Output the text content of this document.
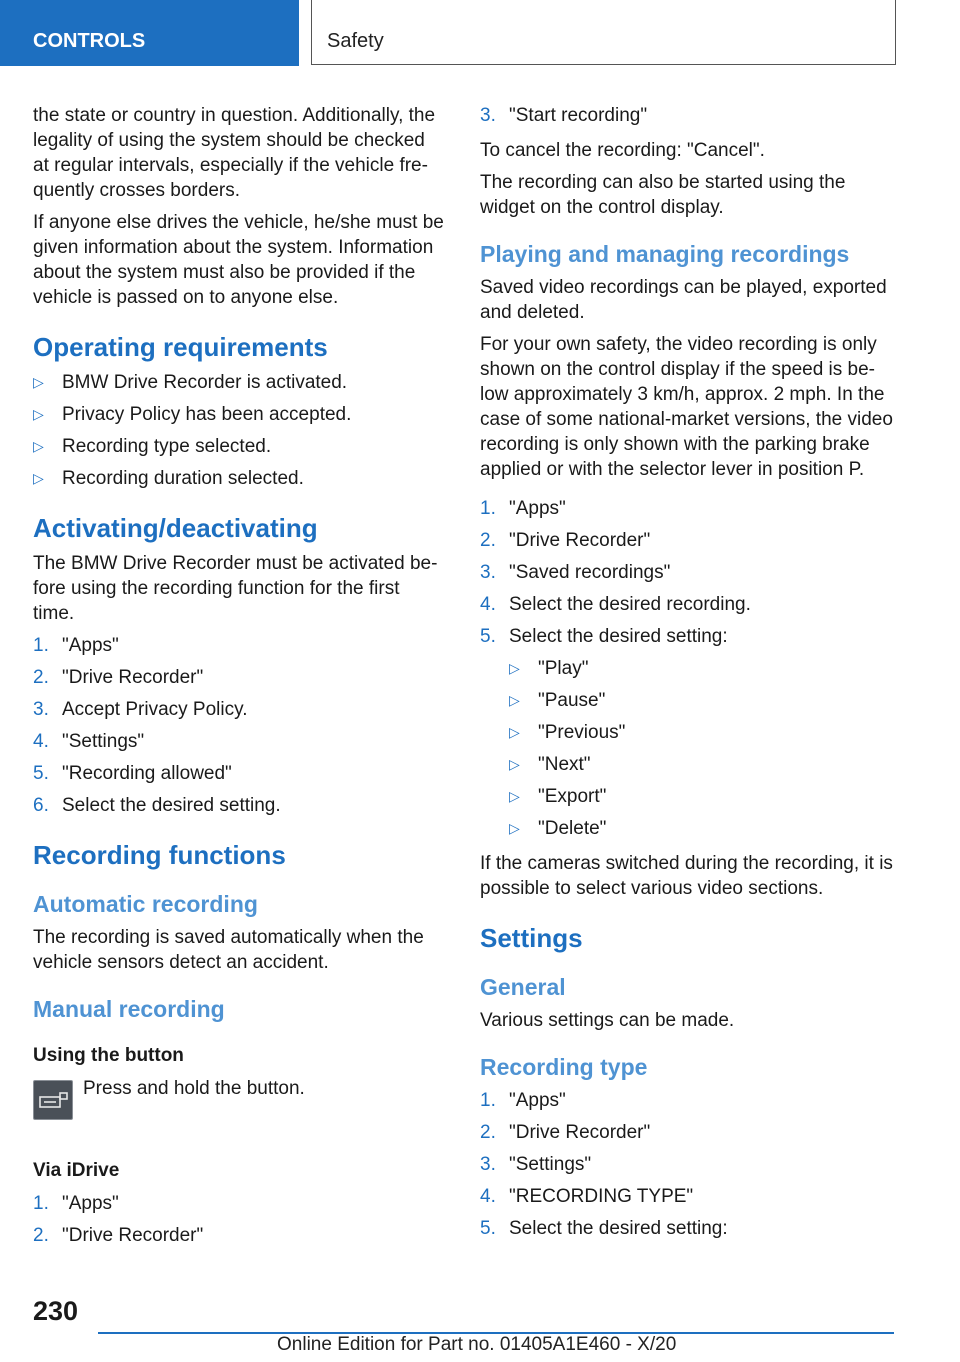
CONTROLS	Safety

the state or country in question. Additionally, the legality of using the system should be checked at regular intervals, especially if the vehicle fre-quently crosses borders.

If anyone else drives the vehicle, he/she must be given information about the system. Information about the system must also be provided if the vehicle is passed on to anyone else.

Operating requirements
▷ BMW Drive Recorder is activated.
▷ Privacy Policy has been accepted.
▷ Recording type selected.
▷ Recording duration selected.
Activating/deactivating

The BMW Drive Recorder must be activated be-fore using the recording function for the first time.

1. "Apps"
2. "Drive Recorder"
3. Accept Privacy Policy.
4. "Settings"
5. "Recording allowed"
6. Select the desired setting.
Recording functions
Automatic recording

The recording is saved automatically when the vehicle sensors detect an accident.

Manual recording
Using the button
Press and hold the button.
Via iDrive
1. "Apps"
2. "Drive Recorder"
3. "Start recording"

To cancel the recording: "Cancel".

The recording can also be started using the widget on the control display.

Playing and managing recordings

Saved video recordings can be played, exported and deleted.

For your own safety, the video recording is only shown on the control display if the speed is be-low approximately 3 km/h, approx. 2 mph. In the case of some national-market versions, the video recording is only shown with the parking brake applied or with the selector lever in position P.

1. "Apps"
2. "Drive Recorder"
3. "Saved recordings"
4. Select the desired recording.
5. Select the desired setting:
▷ "Play"
▷ "Pause"
▷ "Previous"
▷ "Next"
▷ "Export"
▷ "Delete"

If the cameras switched during the recording, it is possible to select various video sections.

Settings
General

Various settings can be made.

Recording type
1. "Apps"
2. "Drive Recorder"
3. "Settings"
4. "RECORDING TYPE"
5. Select the desired setting:
230
Online Edition for Part no. 01405A1E460 - X/20
